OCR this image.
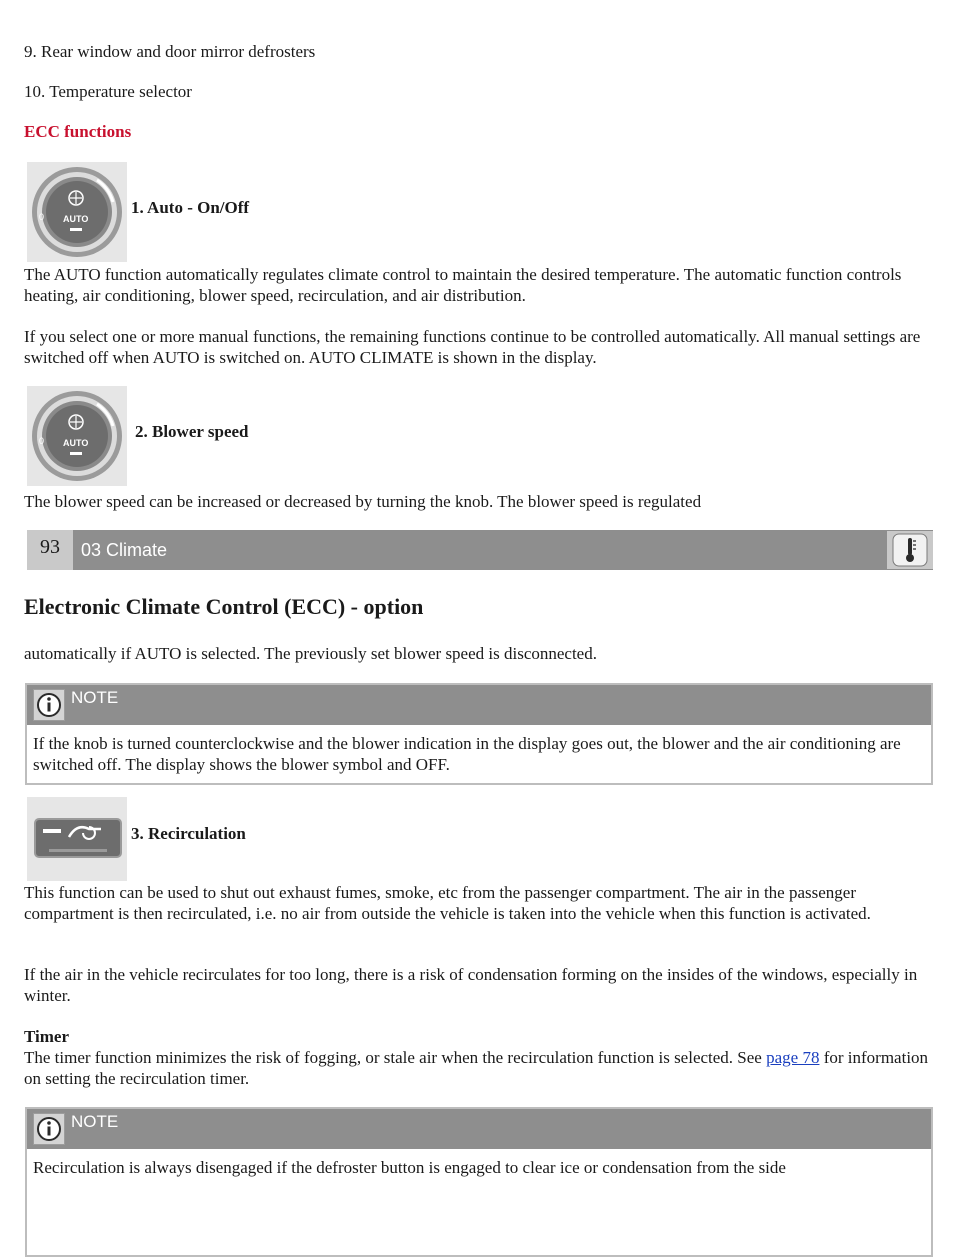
9. Rear window and door mirror defrosters

10. Temperature selector

ECC functions

0 AUTO
1. Auto - On/Off

The AUTO function automatically regulates climate control to maintain the desired temperature. The automatic function controls heating, air conditioning, blower speed, recirculation, and air distribution.

If you select one or more manual functions, the remaining functions continue to be controlled automatically. All manual settings are switched off when AUTO is switched on. AUTO CLIMATE is shown in the display.

0 AUTO
2. Blower speed

The blower speed can be increased or decreased by turning the knob. The blower speed is regulated

93	03 Climate
Electronic Climate Control (ECC) - option

automatically if AUTO is selected. The previously set blower speed is disconnected.

NOTE
If the knob is turned counterclockwise and the blower indication in the display goes out, the blower and the air conditioning are switched off. The display shows the blower symbol and OFF.
3. Recirculation

This function can be used to shut out exhaust fumes, smoke, etc from the passenger compartment. The air in the passenger compartment is then recirculated, i.e. no air from outside the vehicle is taken into the vehicle when this function is activated.

If the air in the vehicle recirculates for too long, there is a risk of condensation forming on the insides of the windows, especially in winter.

Timer

The timer function minimizes the risk of fogging, or stale air when the recirculation function is selected. See page 78 for information on setting the recirculation timer.

NOTE
Recirculation is always disengaged if the defroster button is engaged to clear ice or condensation from the side
